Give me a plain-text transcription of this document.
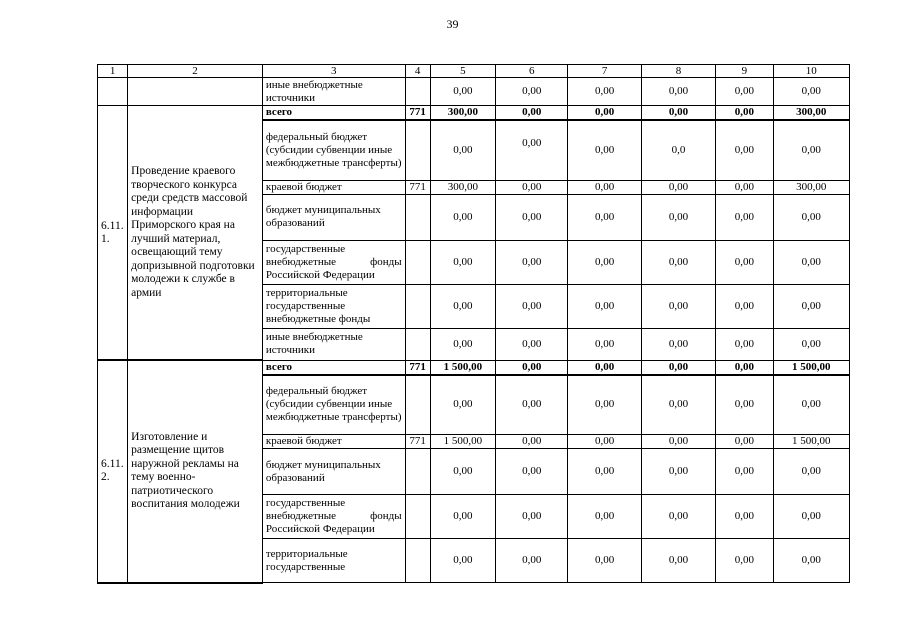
39
1	2	3	4	5	6	7	8	9	10
		иные внебюджетные источники		0,00	0,00	0,00	0,00	0,00	0,00
6.11. 1.	Проведение краевого творческого конкурса среди средств массовой информации Приморского края на лучший материал, освещающий тему допризывной подготовки молодежи к службе в армии	всего	771	300,00	0,00	0,00	0,00	0,00	300,00
		федеральный бюджет (субсидии субвенции иные межбюджетные трансферты)		0,00	0,00	0,00	0,0	0,00	0,00
		краевой бюджет	771	300,00	0,00	0,00	0,00	0,00	300,00
		бюджет муниципальных образований		0,00	0,00	0,00	0,00	0,00	0,00
		государственные внебюджетные фонды Российской Федерации		0,00	0,00	0,00	0,00	0,00	0,00
		территориальные государственные внебюджетные фонды		0,00	0,00	0,00	0,00	0,00	0,00
		иные внебюджетные источники		0,00	0,00	0,00	0,00	0,00	0,00
6.11. 2.	Изготовление и размещение щитов наружной рекламы на тему военно-патриотического воспитания молодежи	всего	771	1 500,00	0,00	0,00	0,00	0,00	1 500,00
		федеральный бюджет (субсидии субвенции иные межбюджетные трансферты)		0,00	0,00	0,00	0,00	0,00	0,00
		краевой бюджет	771	1 500,00	0,00	0,00	0,00	0,00	1 500,00
		бюджет муниципальных образований		0,00	0,00	0,00	0,00	0,00	0,00
		государственные внебюджетные фонды Российской Федерации		0,00	0,00	0,00	0,00	0,00	0,00
		территориальные государственные		0,00	0,00	0,00	0,00	0,00	0,00
